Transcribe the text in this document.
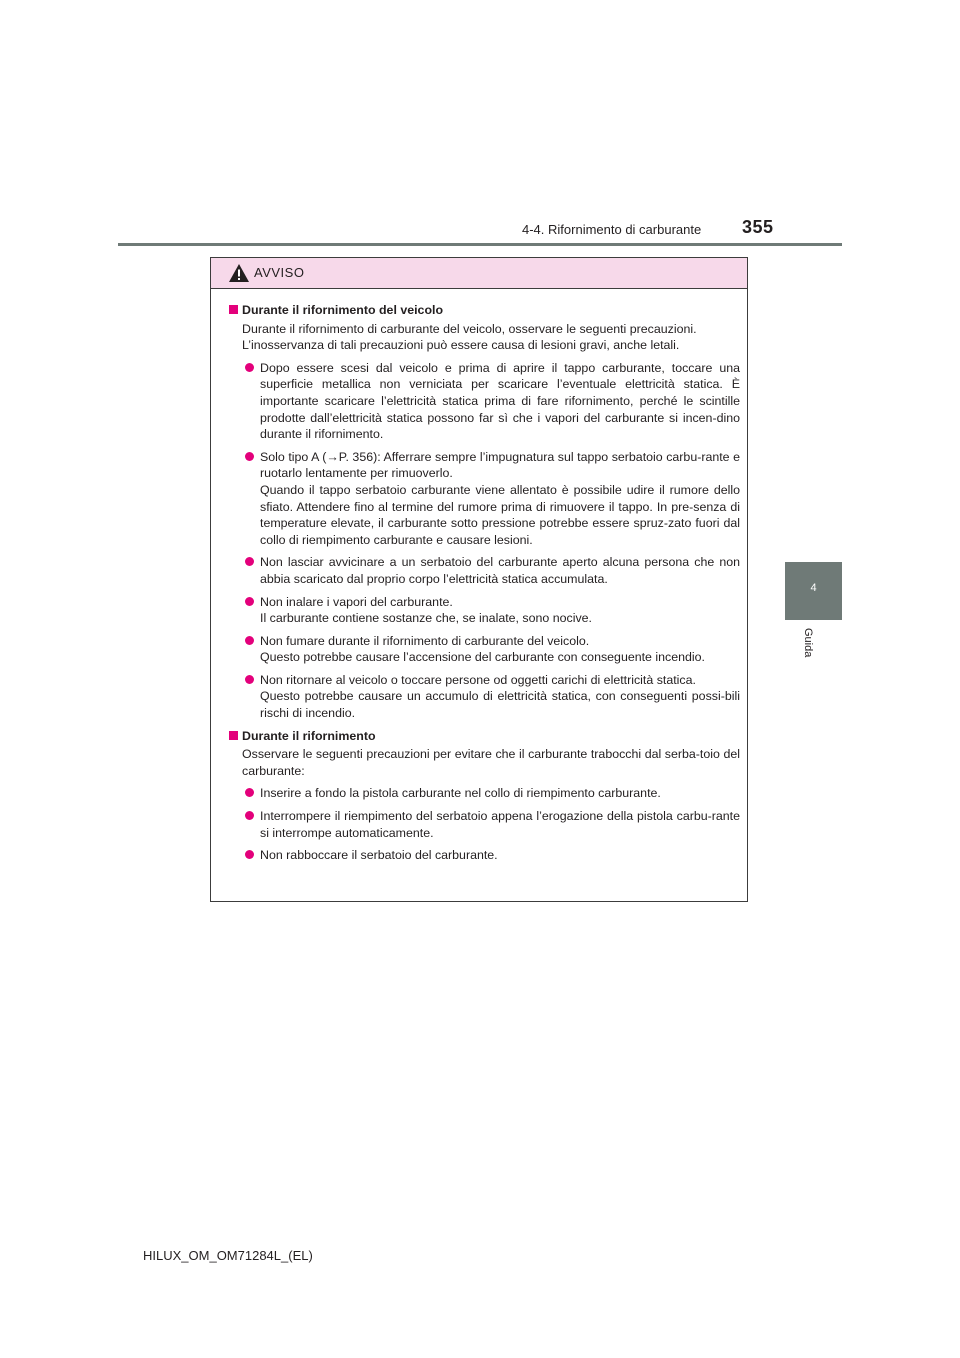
355
4-4. Rifornimento di carburante
4
Guida
AVVISO
Durante il rifornimento del veicolo
Durante il rifornimento di carburante del veicolo, osservare le seguenti precauzioni.
L’inosservanza di tali precauzioni può essere causa di lesioni gravi, anche letali.
Dopo essere scesi dal veicolo e prima di aprire il tappo carburante, toccare una superficie metallica non verniciata per scaricare l’eventuale elettricità statica. È importante scaricare l’elettricità statica prima di fare rifornimento, perché le scintille prodotte dall’elettricità statica possono far sì che i vapori del carburante si incen-dino durante il rifornimento.
Solo tipo A (→P. 356): Afferrare sempre l’impugnatura sul tappo serbatoio carbu-rante e ruotarlo lentamente per rimuoverlo.
Quando il tappo serbatoio carburante viene allentato è possibile udire il rumore dello sfiato. Attendere fino al termine del rumore prima di rimuovere il tappo. In pre-senza di temperature elevate, il carburante sotto pressione potrebbe essere spruz-zato fuori dal collo di riempimento carburante e causare lesioni.
Non lasciar avvicinare a un serbatoio del carburante aperto alcuna persona che non abbia scaricato dal proprio corpo l’elettricità statica accumulata.
Non inalare i vapori del carburante.
Il carburante contiene sostanze che, se inalate, sono nocive.
Non fumare durante il rifornimento di carburante del veicolo.
Questo potrebbe causare l’accensione del carburante con conseguente incendio.
Non ritornare al veicolo o toccare persone od oggetti carichi di elettricità statica.
Questo potrebbe causare un accumulo di elettricità statica, con conseguenti possi-bili rischi di incendio.
Durante il rifornimento
Osservare le seguenti precauzioni per evitare che il carburante trabocchi dal serba-toio del carburante:
Inserire a fondo la pistola carburante nel collo di riempimento carburante.
Interrompere il riempimento del serbatoio appena l’erogazione della pistola carbu-rante si interrompe automaticamente.
Non rabboccare il serbatoio del carburante.
HILUX_OM_OM71284L_(EL)
